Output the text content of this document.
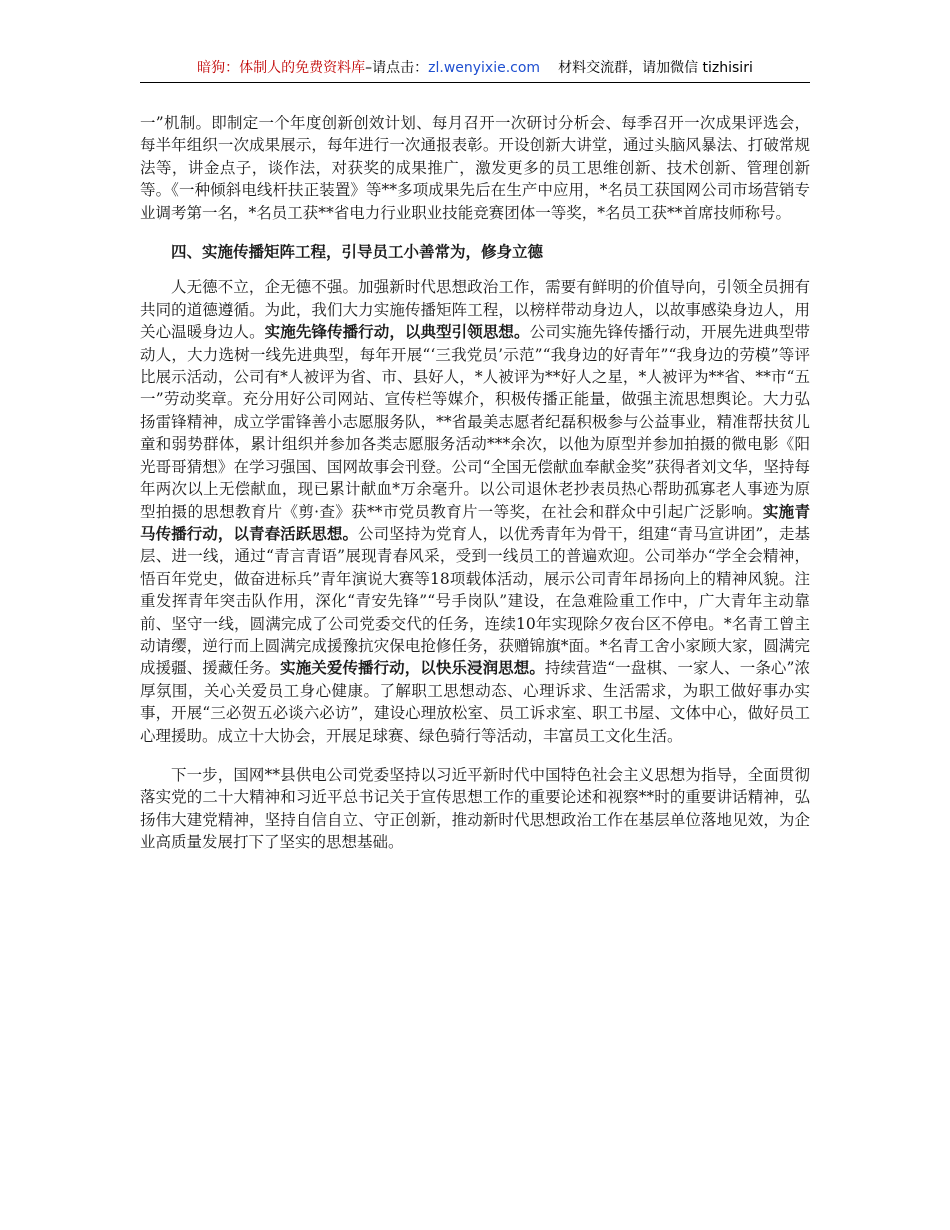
暗狗：体制人的免费资料库–请点击：zl.wenyixie.com 材料交流群，请加微信 tizhisiri

一”机制。即制定一个年度创新创效计划、每月召开一次研讨分析会、每季召开一次成果评选会，每半年组织一次成果展示，每年进行一次通报表彰。开设创新大讲堂，通过头脑风暴法、打破常规法等，讲金点子，谈作法，对获奖的成果推广，激发更多的员工思维创新、技术创新、管理创新等。《一种倾斜电线杆扶正装置》等**多项成果先后在生产中应用，*名员工获国网公司市场营销专业调考第一名，*名员工获**省电力行业职业技能竞赛团体一等奖，*名员工获**首席技师称号。

四、实施传播矩阵工程，引导员工小善常为，修身立德

人无德不立，企无德不强。加强新时代思想政治工作，需要有鲜明的价值导向，引领全员拥有共同的道德遵循。为此，我们大力实施传播矩阵工程，以榜样带动身边人，以故事感染身边人，用关心温暖身边人。实施先锋传播行动，以典型引领思想。公司实施先锋传播行动，开展先进典型带动人，大力选树一线先进典型，每年开展“‘三我党员’示范”“我身边的好青年”“我身边的劳模”等评比展示活动，公司有*人被评为省、市、县好人，*人被评为**好人之星，*人被评为**省、**市“五一”劳动奖章。充分用好公司网站、宣传栏等媒介，积极传播正能量，做强主流思想舆论。大力弘扬雷锋精神，成立学雷锋善小志愿服务队，**省最美志愿者纪磊积极参与公益事业，精准帮扶贫儿童和弱势群体，累计组织并参加各类志愿服务活动***余次，以他为原型并参加拍摄的微电影《阳光哥哥猜想》在学习强国、国网故事会刊登。公司“全国无偿献血奉献金奖”获得者刘文华，坚持每年两次以上无偿献血，现已累计献血*万余毫升。以公司退休老抄表员热心帮助孤寡老人事迹为原型拍摄的思想教育片《剪·查》获**市党员教育片一等奖，在社会和群众中引起广泛影响。实施青马传播行动，以青春活跃思想。公司坚持为党育人，以优秀青年为骨干，组建“青马宣讲团”，走基层、进一线，通过“青言青语”展现青春风采，受到一线员工的普遍欢迎。公司举办“学全会精神，悟百年党史，做奋进标兵”青年演说大赛等18项载体活动，展示公司青年昂扬向上的精神风貌。注重发挥青年突击队作用，深化“青安先锋”“号手岗队”建设，在急难险重工作中，广大青年主动靠前、坚守一线，圆满完成了公司党委交代的任务，连续10年实现除夕夜台区不停电。*名青工曾主动请缨，逆行而上圆满完成援豫抗灾保电抢修任务，获赠锦旗*面。*名青工舍小家顾大家，圆满完成援疆、援藏任务。实施关爱传播行动，以快乐浸润思想。持续营造“一盘棋、一家人、一条心”浓厚氛围，关心关爱员工身心健康。了解职工思想动态、心理诉求、生活需求，为职工做好事办实事，开展“三必贺五必谈六必访”，建设心理放松室、员工诉求室、职工书屋、文体中心，做好员工心理援助。成立十大协会，开展足球赛、绿色骑行等活动，丰富员工文化生活。

下一步，国网**县供电公司党委坚持以习近平新时代中国特色社会主义思想为指导，全面贯彻落实党的二十大精神和习近平总书记关于宣传思想工作的重要论述和视察**时的重要讲话精神，弘扬伟大建党精神，坚持自信自立、守正创新，推动新时代思想政治工作在基层单位落地见效，为企业高质量发展打下了坚实的思想基础。
